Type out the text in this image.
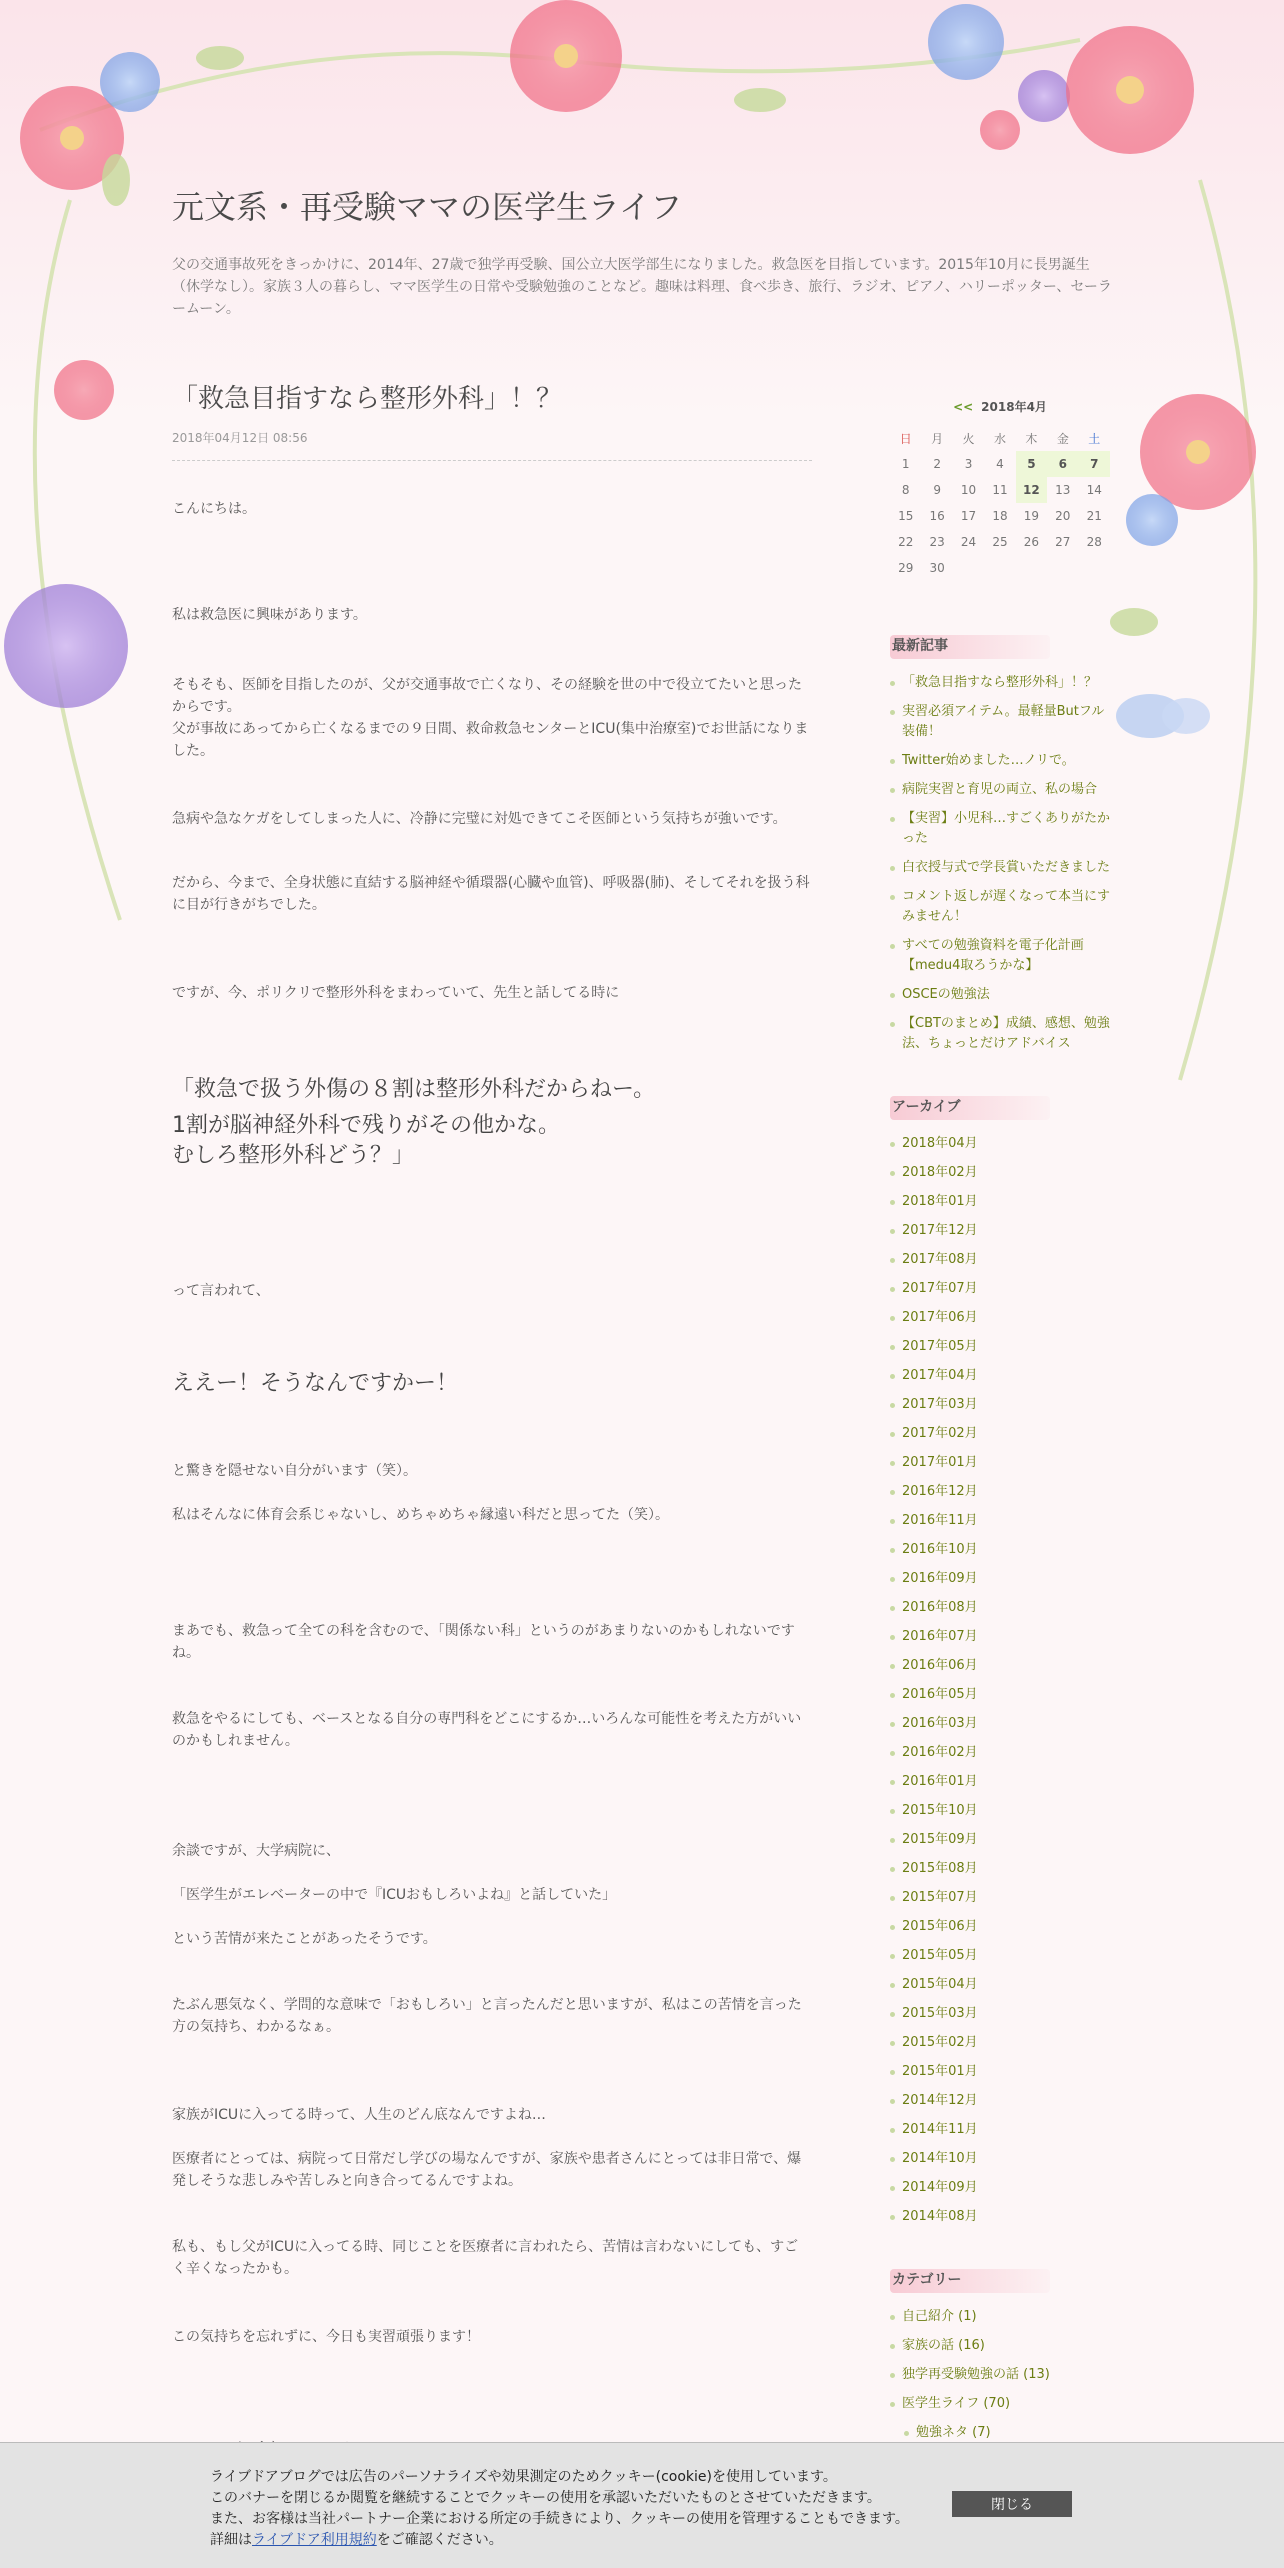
元文系・再受験ママの医学生ライフ
父の交通事故死をきっかけに、2014年、27歳で独学再受験、国公立大医学部生になりました。救急医を目指しています。2015年10月に長男誕生（休学なし）。家族３人の暮らし、ママ医学生の日常や受験勉強のことなど。趣味は料理、食べ歩き、旅行、ラジオ、ピアノ、ハリーポッター、セーラームーン。
「救急目指すなら整形外科」！？
2018年04月12日 08:56
こんにちは。
私は救急医に興味があります。
そもそも、医師を目指したのが、父が交通事故で亡くなり、その経験を世の中で役立てたいと思ったからです。
父が事故にあってから亡くなるまでの９日間、救命救急センターとICU(集中治療室)でお世話になりました。
急病や急なケガをしてしまった人に、冷静に完璧に対処できてこそ医師という気持ちが強いです。
だから、今まで、全身状態に直結する脳神経や循環器(心臓や血管)、呼吸器(肺)、そしてそれを扱う科に目が行きがちでした。
ですが、今、ポリクリで整形外科をまわっていて、先生と話してる時に
「救急で扱う外傷の８割は整形外科だからねー。
1割が脳神経外科で残りがその他かな。
むしろ整形外科どう？」
って言われて、
ええー！そうなんですかー！
と驚きを隠せない自分がいます（笑）。
私はそんなに体育会系じゃないし、めちゃめちゃ縁遠い科だと思ってた（笑）。
まあでも、救急って全ての科を含むので、「関係ない科」というのがあまりないのかもしれないですね。
救急をやるにしても、ベースとなる自分の専門科をどこにするか…いろんな可能性を考えた方がいいのかもしれません。
余談ですが、大学病院に、
「医学生がエレベーターの中で『ICUおもしろいよね』と話していた」
という苦情が来たことがあったそうです。
たぶん悪気なく、学問的な意味で「おもしろい」と言ったんだと思いますが、私はこの苦情を言った方の気持ち、わかるなぁ。
家族がICUに入ってる時って、人生のどん底なんですよね…
医療者にとっては、病院って日常だし学びの場なんですが、家族や患者さんにとっては非日常で、爆発しそうな悲しみや苦しみと向き合ってるんですよね。
私も、もし父がICUに入ってる時、同じことを医療者に言われたら、苦情は言わないにしても、すごく辛くなったかも。
この気持ちを忘れずに、今日も実習頑張ります！
<< 2018年4月
日	月	火	水	木	金	土
1	2	3	4	5	6	7
8	9	10	11	12	13	14
15	16	17	18	19	20	21
22	23	24	25	26	27	28
29	30					
最新記事
「救急目指すなら整形外科」！？
実習必須アイテム。最軽量Butフル装備！
Twitter始めました…ノリで。
病院実習と育児の両立、私の場合
【実習】小児科…すごくありがたかった
白衣授与式で学長賞いただきました
コメント返しが遅くなって本当にすみません！
すべての勉強資料を電子化計画【medu4取ろうかな】
OSCEの勉強法
【CBTのまとめ】成績、感想、勉強法、ちょっとだけアドバイス
アーカイブ
2018年04月
2018年02月
2018年01月
2017年12月
2017年08月
2017年07月
2017年06月
2017年05月
2017年04月
2017年03月
2017年02月
2017年01月
2016年12月
2016年11月
2016年10月
2016年09月
2016年08月
2016年07月
2016年06月
2016年05月
2016年03月
2016年02月
2016年01月
2015年10月
2015年09月
2015年08月
2015年07月
2015年06月
2015年05月
2015年04月
2015年03月
2015年02月
2015年01月
2014年12月
2014年11月
2014年10月
2014年09月
2014年08月
カテゴリー
自己紹介 (1)
家族の話 (16)
独学再受験勉強の話 (13)
医学生ライフ (70)
勉強ネタ (7)
ライブドアブログでは広告のパーソナライズや効果測定のためクッキー(cookie)を使用しています。
このバナーを閉じるか閲覧を継続することでクッキーの使用を承認いただいたものとさせていただきます。
また、お客様は当社パートナー企業における所定の手続きにより、クッキーの使用を管理することもできます。
詳細はライブドア利用規約をご確認ください。
閉じる
